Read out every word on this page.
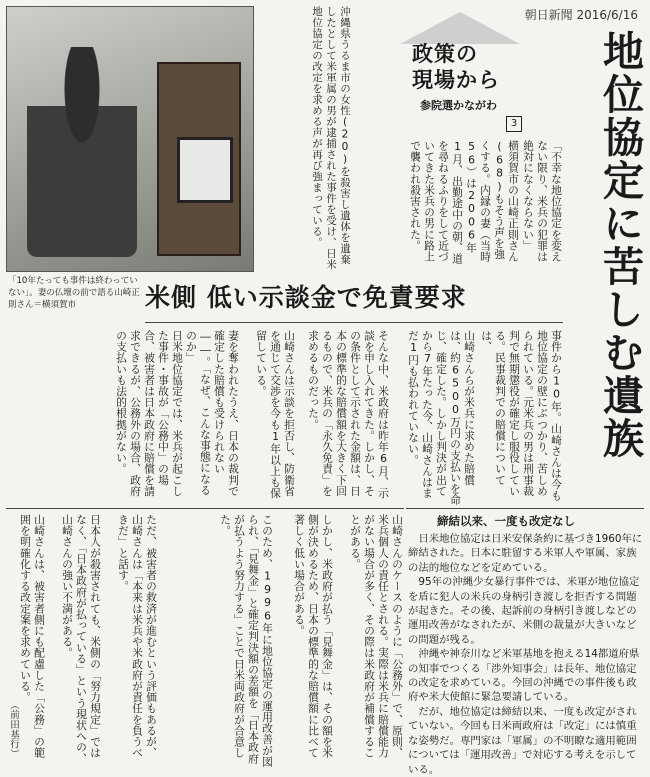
「10年たっても事件は終わっていない」。妻の仏壇の前で語る山崎正則さん＝横須賀市
沖縄県うるま市の女性(20)を殺害し遺体を遺棄したとして米軍属の男が逮捕された事件を受け、日米地位協定の改定を求める声が再び強まっている。	政策の
現場から
参院選かながわ
3
朝日新聞 2016/6/16
地位協定に苦しむ遺族
米側 低い示談金で免責要求
「不幸な地位協定を変えない限り、米兵の犯罪は絶対になくならない」
横須賀市の山崎正則さん(68)もそう声を強くする。内縁の妻（当時56）は2006年1月、出勤途中の朝、道を尋ねるふりをして近づいてきた米兵の男に路上で襲われ殺害された。
事件から10年。山崎さんは今も地位協定の壁にぶつかり、苦しめられている。元米兵の男は刑事裁判で無期懲役が確定し服役している。民事裁判での賠償については、
山崎さんらが米兵に求めた賠償は、約6500万円の支払いを命じ、確定した。しかし判決が出てから7年たった今、山崎さんはまだ1円も払われていない。
そんな中、米政府は昨年6月、示談を申し入れてきた。しかし、その条件として示された金額は、日本の標準的な賠償額を大きく下回るもので、米兵の「永久免責」を求めるものだった。
山崎さんは示談を拒否し、防衛省を通じて交渉を今も1年以上も保留している。
妻を奪われたうえ、日本の裁判で確定した賠償も受けられない――。「なぜ、こんな事態になるのか」
日米地位協定では、米兵が起こした事件・事故が「公務中」の場合、被害者は日本政府に賠償を請求できるが、公務外の場合、政府の支払いも法的根拠がない。
山崎さんのケースのように「公務外」で、原則、米兵個人の責任とされる。実際は米兵に賠償能力がない場合が多く、その際は米政府が補償することがある。
しかし、米政府が払う「見舞金」は、その額を米側が決めるため、日本の標準的な賠償額に比べて著しく低い場合がある。
このため、1996年に地位協定の運用改善が図られ、「見舞金」と確定判決額の差額を「日本政府が払うよう努力する」ことで日米両政府が合意した。
ただ、被害者の救済が進むという評価もあるが、山崎さんは「本来は米兵や米政府が責任を負うべきだ」と話す。
日本人が殺害されても、米側の「努力規定」ではなく、「日本政府が払っている」という現状への、山崎さんの強い不満がある。
山崎さんは、被害者側にも配慮した「公務」の範囲を明確化する改定案を求めている。
（前田基行）
締結以来、一度も改定なし

日米地位協定は日米安保条約に基づき1960年に締結された。日本に駐留する米軍人や軍属、家族の法的地位などを定めている。

95年の沖縄少女暴行事件では、米軍が地位協定を盾に犯人の米兵の身柄引き渡しを拒否する問題が起きた。その後、起訴前の身柄引き渡しなどの運用改善がなされたが、米側の裁量が大きいなどの問題が残る。

沖縄や神奈川など米軍基地を抱える14都道府県の知事でつくる「渉外知事会」は長年、地位協定の改定を求めている。今回の沖縄での事件後も政府や米大使館に緊急要請している。

だが、地位協定は締結以来、一度も改定がされていない。今回も日米両政府は「改定」には慎重な姿勢だ。専門家は「軍属」の不明瞭な適用範囲については「運用改善」で対応する考えを示している。
